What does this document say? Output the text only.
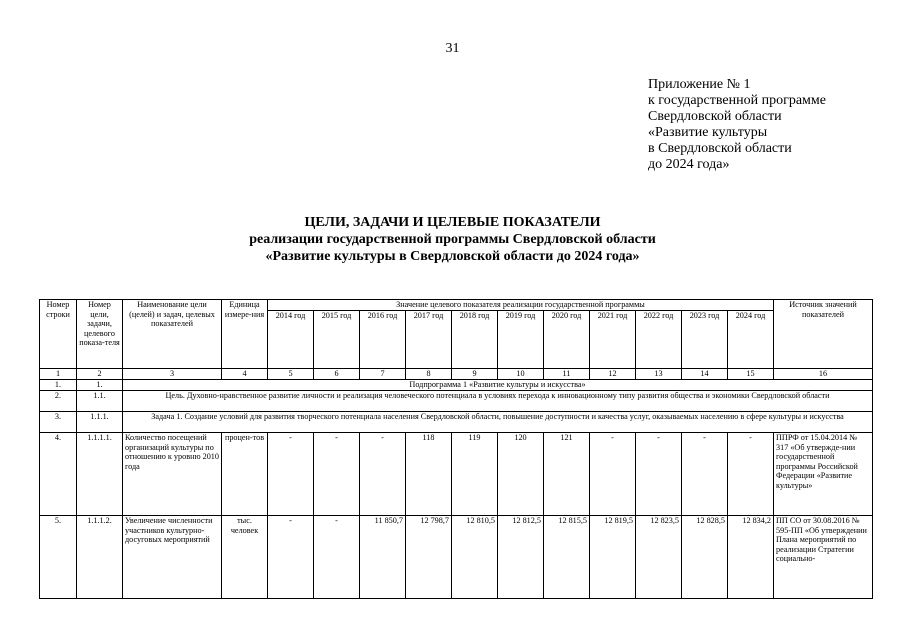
31
Приложение № 1
к государственной программе
Свердловской области
«Развитие культуры
в Свердловской области
до 2024 года»
ЦЕЛИ, ЗАДАЧИ И ЦЕЛЕВЫЕ ПОКАЗАТЕЛИ
реализации государственной программы Свердловской области
«Развитие культуры в Свердловской области до 2024 года»
Номер строки	Номер цели, задачи, целевого показа-теля	Наименование цели (целей) и задач, целевых показателей	Единица измере-ния	Значение целевого показателя реализации государственной программы											Источник значений показателей
				2014 год	2015 год	2016 год	2017 год	2018 год	2019 год	2020 год	2021 год	2022 год	2023 год	2024 год	
1	2	3	4	5	6	7	8	9	10	11	12	13	14	15	16
1.	1.	Подпрограмма 1 «Развитие культуры и искусства»													
2.	1.1.	Цель. Духовно-нравственное развитие личности и реализация человеческого потенциала в условиях перехода к инновационному типу развития общества и экономики Свердловской области													
3.	1.1.1.	Задача 1. Создание условий для развития творческого потенциала населения Свердловской области, повышение доступности и качества услуг, оказываемых населению в сфере культуры и искусства													
4.	1.1.1.1.	Количество посещений организаций культуры по отношению к уровню 2010 года	процен-тов	-	-	-	118	119	120	121	-	-	-	-	ППРФ от 15.04.2014 № 317 «Об утвержде-нии государственной программы Российской Федерации «Развитие культуры»
5.	1.1.1.2.	Увеличение численности участников культурно-досуговых мероприятий	тыс. человек	-	-	11 850,7	12 798,7	12 810,5	12 812,5	12 815,5	12 819,5	12 823,5	12 828,5	12 834,2	ПП СО от 30.08.2016 № 595-ПП «Об утверждении Плана мероприятий по реализации Стратегии социально-
